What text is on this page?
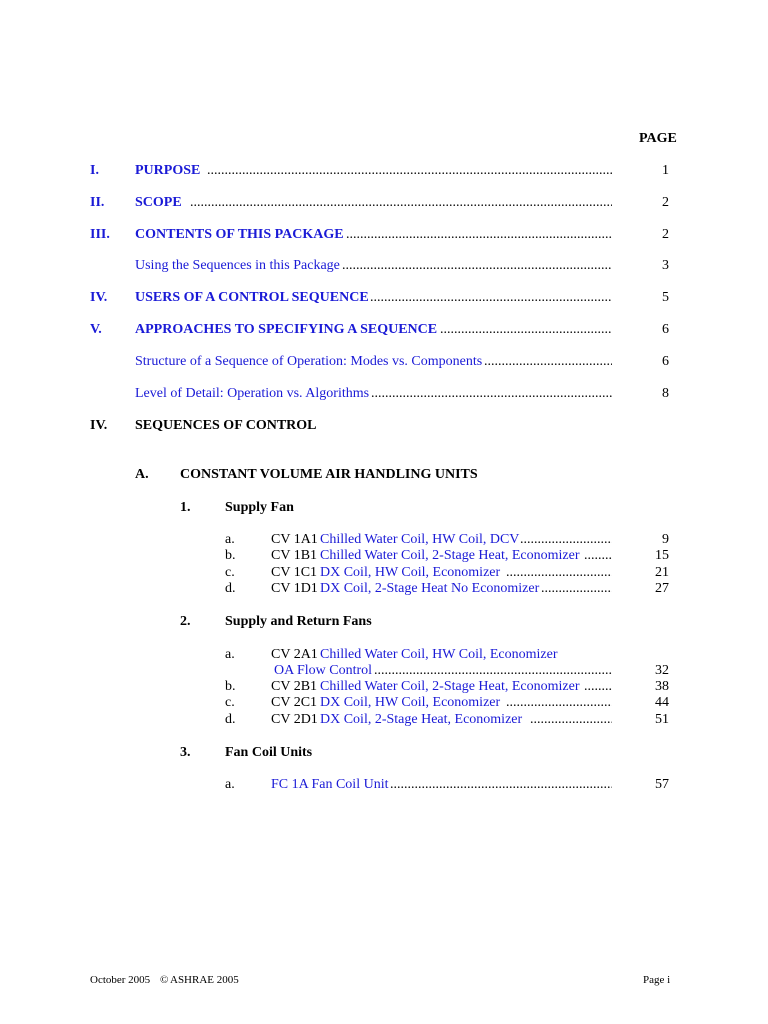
PAGE
I.	PURPOSE .....	1
II. SCOPE .....	2
III. CONTENTS OF THIS PACKAGE .....	2
Using the Sequences in this Package .....	3
IV. USERS OF A CONTROL SEQUENCE .....	5
V. APPROACHES TO SPECIFYING A SEQUENCE .....	6
Structure of a Sequence of Operation: Modes vs. Components .....	6
Level of Detail: Operation vs. Algorithms .....	8
IV. SEQUENCES OF CONTROL
A. CONSTANT VOLUME AIR HANDLING UNITS
1. Supply Fan
a.	CV 1A1 Chilled Water Coil, HW Coil, DCV .....	9
b.	CV 1B1 Chilled Water Coil, 2-Stage Heat, Economizer .....	15
c.	CV 1C1 DX Coil, HW Coil, Economizer .....	21
d.	CV 1D1 DX Coil, 2-Stage Heat No Economizer .....	27
2. Supply and Return Fans
a.	CV 2A1 Chilled Water Coil, HW Coil, Economizer
OA Flow Control .....	32
b.	CV 2B1 Chilled Water Coil, 2-Stage Heat, Economizer .....	38
c.	CV 2C1 DX Coil, HW Coil, Economizer .....	44
d.	CV 2D1 DX Coil, 2-Stage Heat, Economizer .....	51
3. Fan Coil Units
a.	FC 1A Fan Coil Unit .....	57
October 2005 © ASHRAE 2005	Page i
